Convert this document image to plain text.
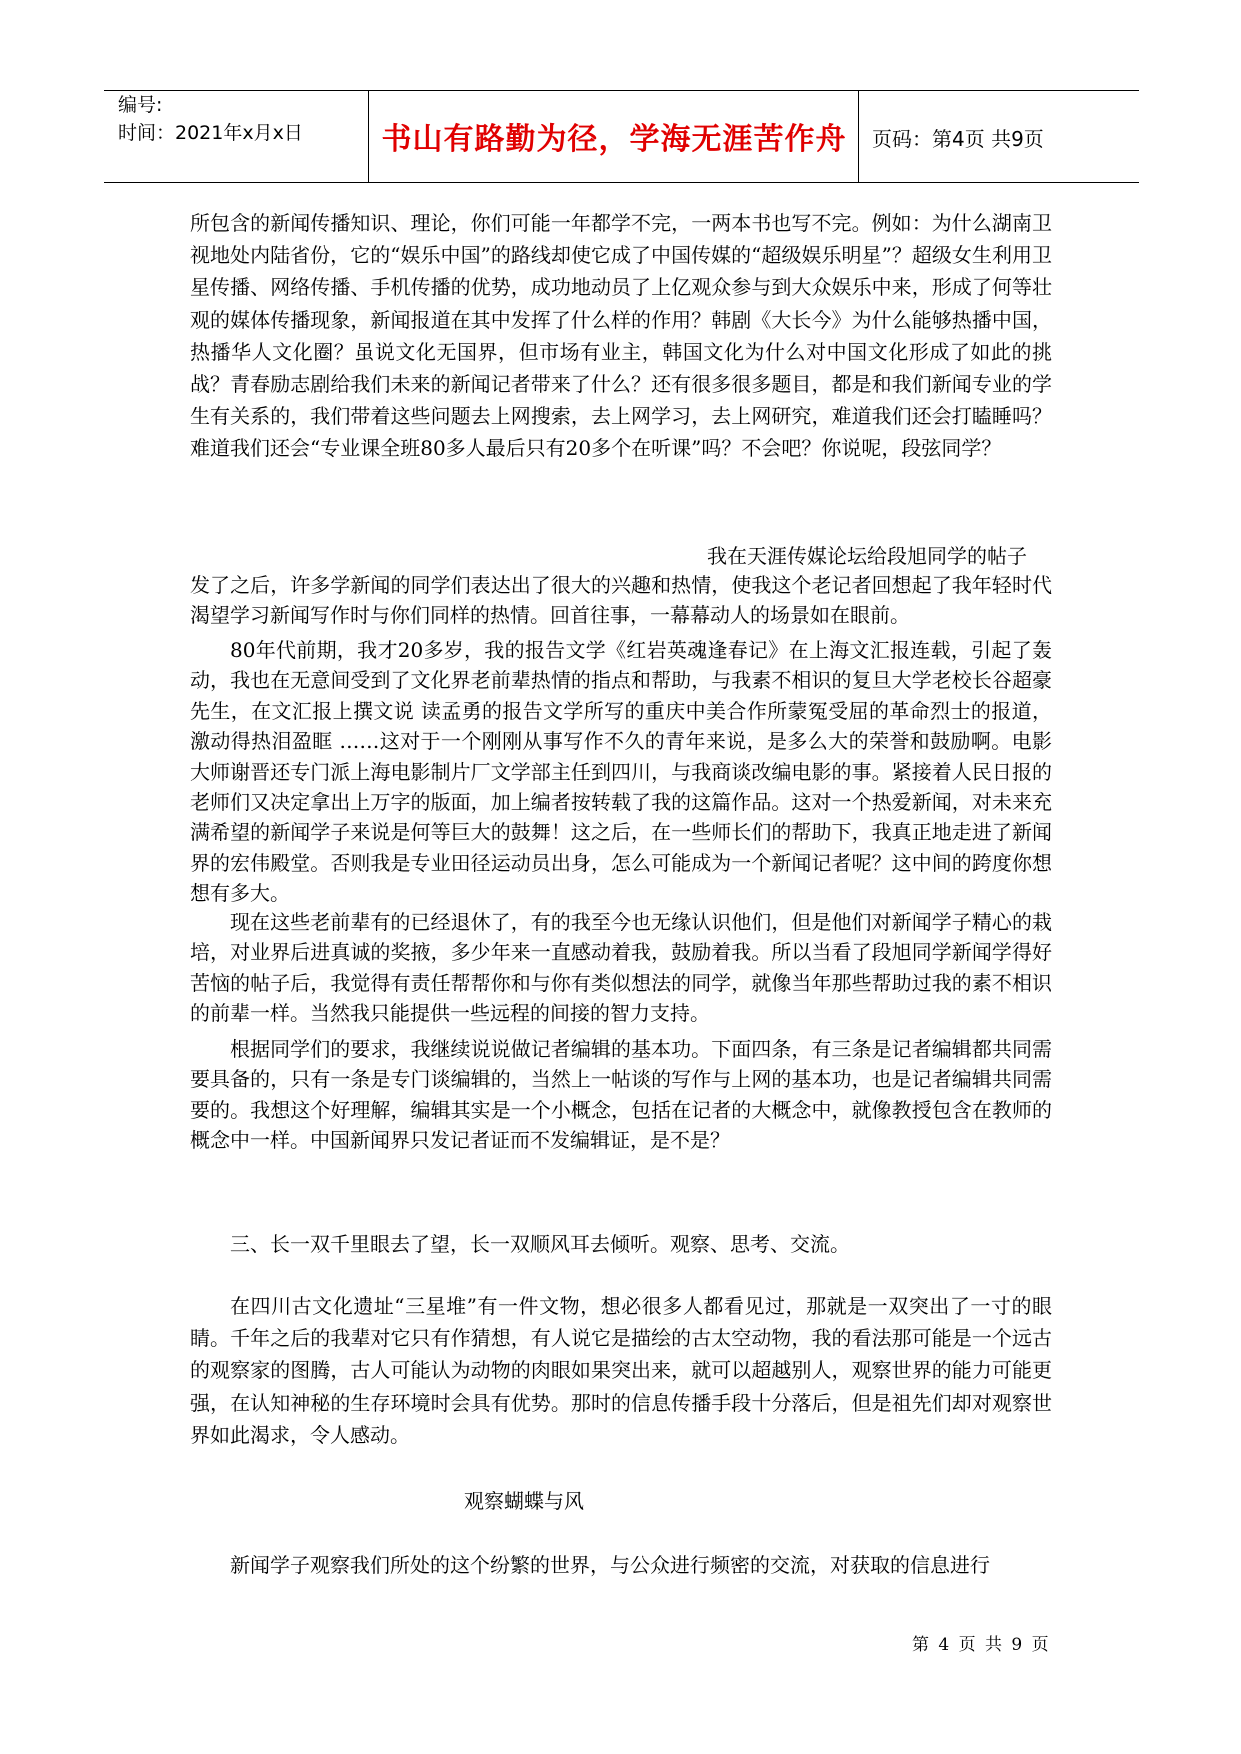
编号:
时间：2021年x月x日	书山有路勤为径，学海无涯苦作舟	页码：第4页 共9页

所包含的新闻传播知识、理论，你们可能一年都学不完，一两本书也写不完。例如：为什么湖南卫视地处内陆省份，它的“娱乐中国”的路线却使它成了中国传媒的“超级娱乐明星”？超级女生利用卫星传播、网络传播、手机传播的优势，成功地动员了上亿观众参与到大众娱乐中来，形成了何等壮观的媒体传播现象，新闻报道在其中发挥了什么样的作用？韩剧《大长今》为什么能够热播中国，热播华人文化圈？虽说文化无国界，但市场有业主，韩国文化为什么对中国文化形成了如此的挑战？青春励志剧给我们未来的新闻记者带来了什么？还有很多很多题目，都是和我们新闻专业的学生有关系的，我们带着这些问题去上网搜索，去上网学习，去上网研究，难道我们还会打瞌睡吗？难道我们还会“专业课全班80多人最后只有20多个在听课”吗？不会吧？你说呢，段弦同学？

我在天涯传媒论坛给段旭同学的帖子

发了之后，许多学新闻的同学们表达出了很大的兴趣和热情，使我这个老记者回想起了我年轻时代渴望学习新闻写作时与你们同样的热情。回首往事，一幕幕动人的场景如在眼前。

80年代前期，我才20多岁，我的报告文学《红岩英魂逢春记》在上海文汇报连载，引起了轰动，我也在无意间受到了文化界老前辈热情的指点和帮助，与我素不相识的复旦大学老校长谷超豪先生，在文汇报上撰文说 读孟勇的报告文学所写的重庆中美合作所蒙冤受屈的革命烈士的报道，激动得热泪盈眶 ……这对于一个刚刚从事写作不久的青年来说，是多么大的荣誉和鼓励啊。电影大师谢晋还专门派上海电影制片厂文学部主任到四川，与我商谈改编电影的事。紧接着人民日报的老师们又决定拿出上万字的版面，加上编者按转载了我的这篇作品。这对一个热爱新闻，对未来充满希望的新闻学子来说是何等巨大的鼓舞！这之后，在一些师长们的帮助下，我真正地走进了新闻界的宏伟殿堂。否则我是专业田径运动员出身，怎么可能成为一个新闻记者呢？这中间的跨度你想想有多大。

现在这些老前辈有的已经退休了，有的我至今也无缘认识他们，但是他们对新闻学子精心的栽培，对业界后进真诚的奖掖，多少年来一直感动着我，鼓励着我。所以当看了段旭同学新闻学得好苦恼的帖子后，我觉得有责任帮帮你和与你有类似想法的同学，就像当年那些帮助过我的素不相识的前辈一样。当然我只能提供一些远程的间接的智力支持。

根据同学们的要求，我继续说说做记者编辑的基本功。下面四条，有三条是记者编辑都共同需要具备的，只有一条是专门谈编辑的，当然上一帖谈的写作与上网的基本功，也是记者编辑共同需要的。我想这个好理解，编辑其实是一个小概念，包括在记者的大概念中，就像教授包含在教师的概念中一样。中国新闻界只发记者证而不发编辑证，是不是？

三、长一双千里眼去了望，长一双顺风耳去倾听。观察、思考、交流。

在四川古文化遗址“三星堆”有一件文物，想必很多人都看见过，那就是一双突出了一寸的眼睛。千年之后的我辈对它只有作猜想，有人说它是描绘的古太空动物，我的看法那可能是一个远古的观察家的图腾，古人可能认为动物的肉眼如果突出来，就可以超越别人，观察世界的能力可能更强，在认知神秘的生存环境时会具有优势。那时的信息传播手段十分落后，但是祖先们却对观察世界如此渴求，令人感动。

观察蝴蝶与风

新闻学子观察我们所处的这个纷繁的世界，与公众进行频密的交流，对获取的信息进行

第 4 页 共 9 页
